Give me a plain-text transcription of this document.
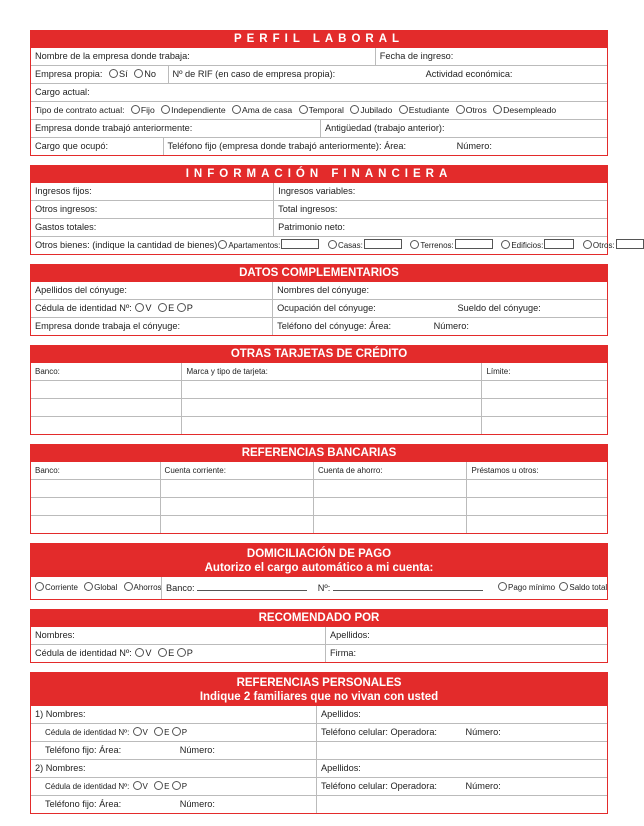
PERFIL LABORAL
Nombre de la empresa donde trabaja:	Fecha de ingreso:
Empresa propia: Sí No	Nº de RIF (en caso de empresa propia):	Actividad económica:
Cargo actual:
Tipo de contrato actual: Fijo Independiente Ama de casa Temporal Jubilado Estudiante Otros Desempleado
Empresa donde trabajó anteriormente:	Antigüedad (trabajo anterior):
Cargo que ocupó:	Teléfono fijo (empresa donde trabajó anteriormente): Área:	Número:
INFORMACIÓN FINANCIERA
Ingresos fijos:	Ingresos variables:
Otros ingresos:	Total ingresos:
Gastos totales:	Patrimonio neto:
Otros bienes: (indique la cantidad de bienes) Apartamentos:	Casas:	Terrenos:	Edificios:	Otros:
DATOS COMPLEMENTARIOS
Apellidos del cónyuge:	Nombres del cónyuge:
Cédula de identidad Nº: V E P	Ocupación del cónyuge:	Sueldo del cónyuge:
Empresa donde trabaja el cónyuge:	Teléfono del cónyuge: Área:	Número:
OTRAS TARJETAS DE CRÉDITO
Banco:	Marca y tipo de tarjeta:	Límite:
REFERENCIAS BANCARIAS
Banco:	Cuenta corriente:	Cuenta de ahorro:	Préstamos u otros:
DOMICILIACIÓN DE PAGO
Autorizo el cargo automático a mi cuenta:
Corriente Global Ahorros Banco:	Nº:	Pago mínimo Saldo total
RECOMENDADO POR
Nombres:	Apellidos:
Cédula de identidad Nº: V E P	Firma:
REFERENCIAS PERSONALES
Indique 2 familiares que no vivan con usted
1) Nombres:	Apellidos:
Cédula de identidad Nº: V E P	Teléfono celular: Operadora:	Número:
Teléfono fijo: Área:	Número:
2) Nombres:	Apellidos:
Cédula de identidad Nº: V E P	Teléfono celular: Operadora:	Número:
Teléfono fijo: Área:	Número:
